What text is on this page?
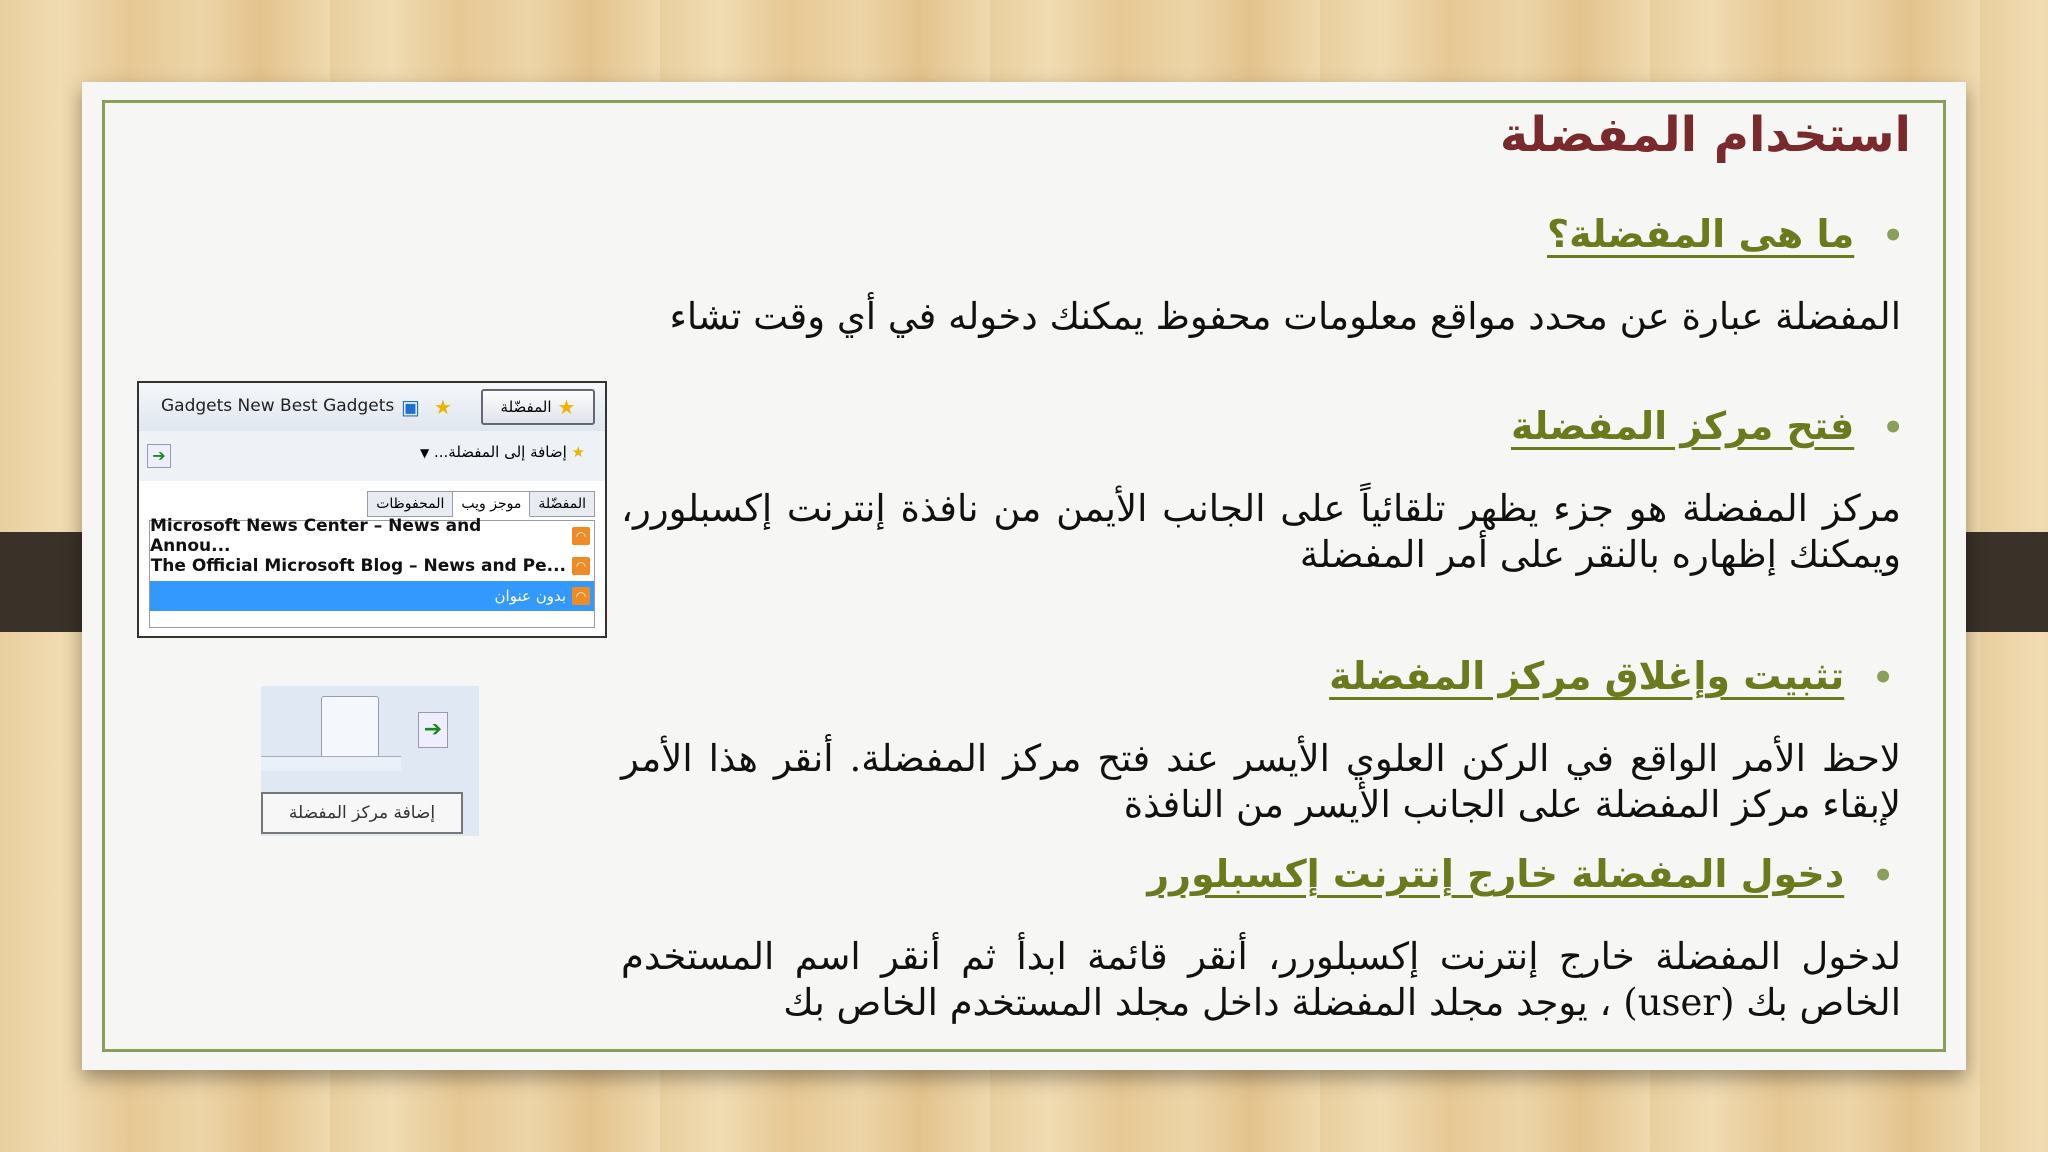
استخدام المفضلة
•ما هى المفضلة؟
المفضلة عبارة عن محدد مواقع معلومات محفوظ يمكنك دخوله في أي وقت تشاء
•فتح مركز المفضلة
مركز المفضلة هو جزء يظهر تلقائياً على الجانب الأيمن من نافذة إنترنت إكسبلورر، ويمكنك إظهاره بالنقر على أمر المفضلة
•تثبيت وإغلاق مركز المفضلة
لاحظ الأمر الواقع في الركن العلوي الأيسر عند فتح مركز المفضلة. أنقر هذا الأمر لإبقاء مركز المفضلة على الجانب الأيسر من النافذة
•دخول المفضلة خارج إنترنت إكسبلورر
لدخول المفضلة خارج إنترنت إكسبلورر، أنقر قائمة ابدأ ثم أنقر اسم المستخدم الخاص بك (user) ، يوجد مجلد المفضلة داخل مجلد المستخدم الخاص بك
Gadgets New Best Gadgets ▣ ★	★
المفضّلة
➔	★ إضافة إلى المفضلة... ▼
المفضّلة
موجز ويب
المحفوظات
Microsoft News Center – News and Annou...	◠
The Official Microsoft Blog – News and Pe... ◠
◠
بدون عنوان
➔
إضافة مركز المفضلة
